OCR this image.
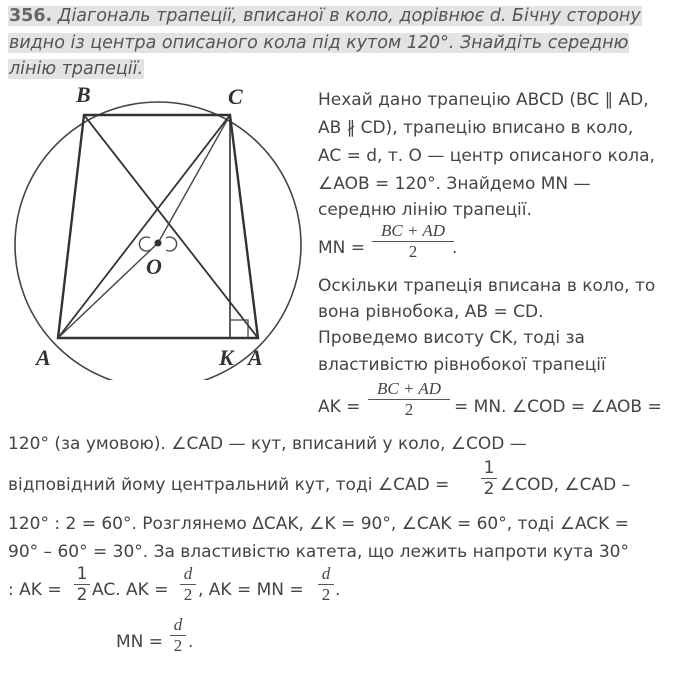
356. Діагональ трапеції, вписаної в коло, дорівнює d. Бічну сторону
видно із центра описаного кола під кутом 120°. Знайдіть середню
лінію трапеції.
B	C
A
O
K A
Нехай дано трапецію ABCD (BC ∥ AD,
AB ∦ CD), трапецію вписано в коло,
AC = d, т. О — центр описаного кола,
∠AOB = 120°. Знайдемо MN —
середню лінію трапеції.
MN =
BC + AD
2	.
Оскільки трапеція вписана в коло, то
вона рівнобока, AB = CD.
Проведемо висоту CK, тоді за
властивістю рівнобокої трапеції
AK =
BC + AD
2	= MN. ∠COD = ∠AOB =
120° (за умовою). ∠CAD — кут, вписаний у коло, ∠COD —
відповідний йому центральний кут, тоді ∠CAD =
1
2 ∠COD, ∠CAD –
120° : 2 = 60°. Розглянемо ΔCAK, ∠K = 90°, ∠CAK = 60°, тоді ∠ACK =
90° – 60° = 30°. За властивістю катета, що лежить напроти кута 30°
: AK =
1
2 AC. AK =
d
2 , AK = MN =
d
2 .
MN =
d
2 .
